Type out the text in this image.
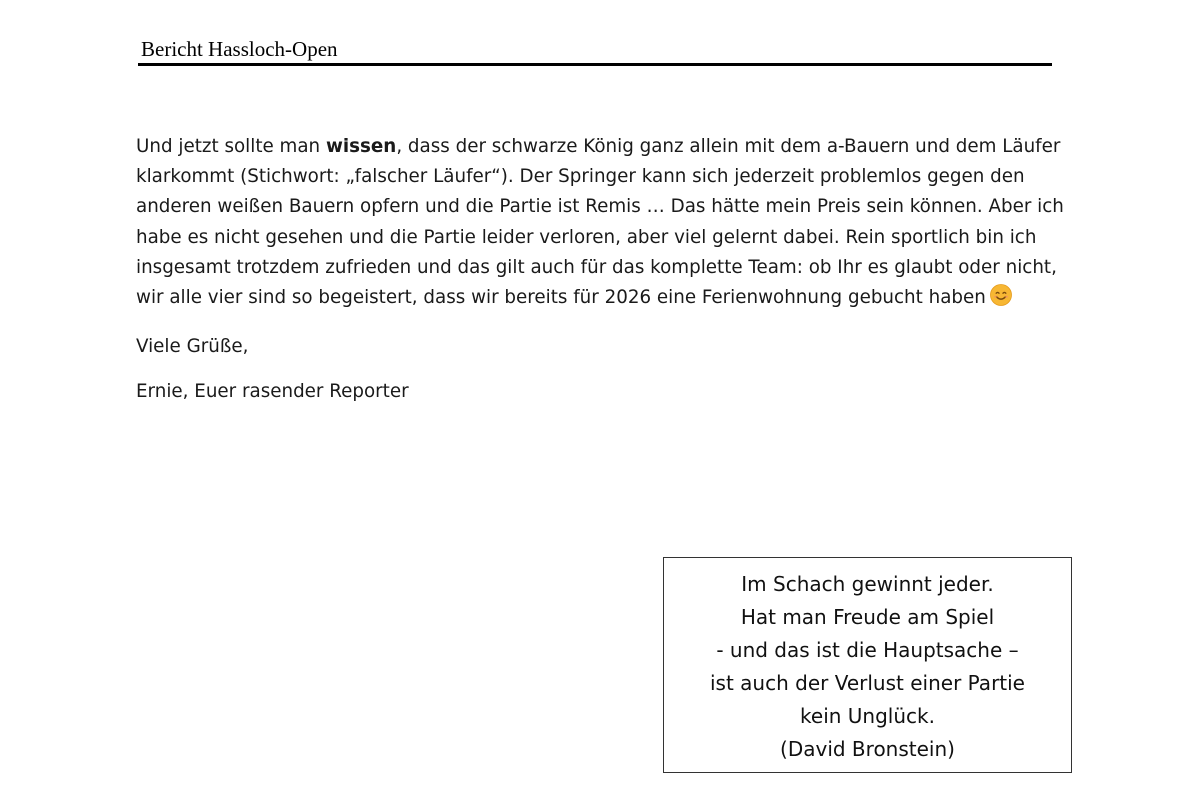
Bericht Hassloch-Open

Und jetzt sollte man wissen, dass der schwarze König ganz allein mit dem a-Bauern und dem Läufer
klarkommt (Stichwort: „falscher Läufer“). Der Springer kann sich jederzeit problemlos gegen den
anderen weißen Bauern opfern und die Partie ist Remis … Das hätte mein Preis sein können. Aber ich
habe es nicht gesehen und die Partie leider verloren, aber viel gelernt dabei. Rein sportlich bin ich
insgesamt trotzdem zufrieden und das gilt auch für das komplette Team: ob Ihr es glaubt oder nicht,
wir alle vier sind so begeistert, dass wir bereits für 2026 eine Ferienwohnung gebucht haben

Viele Grüße,
Ernie, Euer rasender Reporter
Im Schach gewinnt jeder.
Hat man Freude am Spiel
- und das ist die Hauptsache –
ist auch der Verlust einer Partie
kein Unglück.
(David Bronstein)
